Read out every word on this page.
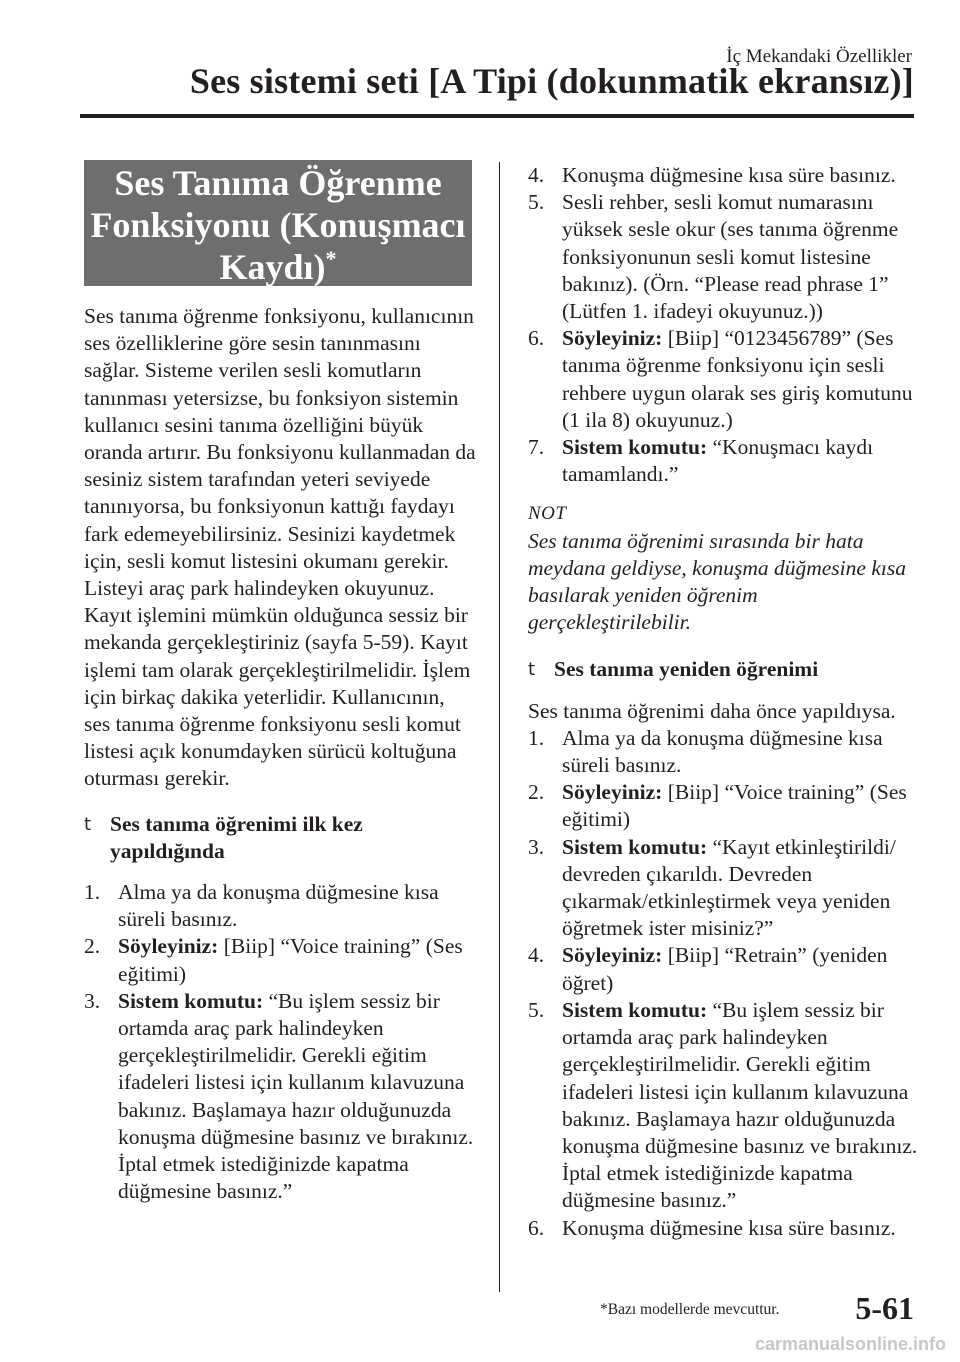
İç Mekandaki Özellikler
Ses sistemi seti [A Tipi (dokunmatik ekransız)]
Ses Tanıma Öğrenme
Fonksiyonu (Konuşmacı
Kaydı)*

Ses tanıma öğrenme fonksiyonu, kullanıcının ses özelliklerine göre sesin tanınmasını sağlar. Sisteme verilen sesli komutların tanınması yetersizse, bu fonksiyon sistemin kullanıcı sesini tanıma özelliğini büyük oranda artırır. Bu fonksiyonu kullanmadan da sesiniz sistem tarafından yeteri seviyede tanınıyorsa, bu fonksiyonun kattığı faydayı fark edemeyebilirsiniz. Sesinizi kaydetmek için, sesli komut listesini okumanı gerekir. Listeyi araç park halindeyken okuyunuz. Kayıt işlemini mümkün olduğunca sessiz bir mekanda gerçekleştiriniz (sayfa 5-59). Kayıt işlemi tam olarak gerçekleştirilmelidir. İşlem için birkaç dakika yeterlidir. Kullanıcının, ses tanıma öğrenme fonksiyonu sesli komut listesi açık konumdayken sürücü koltuğuna oturması gerekir.

t Ses tanıma öğrenimi ilk kez yapıldığında
1. Alma ya da konuşma düğmesine kısa süreli basınız.
2. Söyleyiniz: [Biip] “Voice training” (Ses eğitimi)
3. Sistem komutu: “Bu işlem sessiz bir ortamda araç park halindeyken gerçekleştirilmelidir. Gerekli eğitim ifadeleri listesi için kullanım kılavuzuna bakınız. Başlamaya hazır olduğunuzda konuşma düğmesine basınız ve bırakınız. İptal etmek istediğinizde kapatma düğmesine basınız.”
4. Konuşma düğmesine kısa süre basınız.
5. Sesli rehber, sesli komut numarasını yüksek sesle okur (ses tanıma öğrenme fonksiyonunun sesli komut listesine bakınız). (Örn. “Please read phrase 1” (Lütfen 1. ifadeyi okuyunuz.))
6. Söyleyiniz: [Biip] “0123456789” (Ses tanıma öğrenme fonksiyonu için sesli rehbere uygun olarak ses giriş komutunu (1 ila 8) okuyunuz.)
7. Sistem komutu: “Konuşmacı kaydı tamamlandı.”
NOT

Ses tanıma öğrenimi sırasında bir hata meydana geldiyse, konuşma düğmesine kısa basılarak yeniden öğrenim gerçekleştirilebilir.

t Ses tanıma yeniden öğrenimi

Ses tanıma öğrenimi daha önce yapıldıysa.

1. Alma ya da konuşma düğmesine kısa süreli basınız.
2. Söyleyiniz: [Biip] “Voice training” (Ses eğitimi)
3. Sistem komutu: “Kayıt etkinleştirildi/ devreden çıkarıldı. Devreden çıkarmak/etkinleştirmek veya yeniden öğretmek ister misiniz?”
4. Söyleyiniz: [Biip] “Retrain” (yeniden öğret)
5. Sistem komutu: “Bu işlem sessiz bir ortamda araç park halindeyken gerçekleştirilmelidir. Gerekli eğitim ifadeleri listesi için kullanım kılavuzuna bakınız. Başlamaya hazır olduğunuzda konuşma düğmesine basınız ve bırakınız. İptal etmek istediğinizde kapatma düğmesine basınız.”
6. Konuşma düğmesine kısa süre basınız.
*Bazı modellerde mevcuttur. 5-61
carmanualsonline.info
